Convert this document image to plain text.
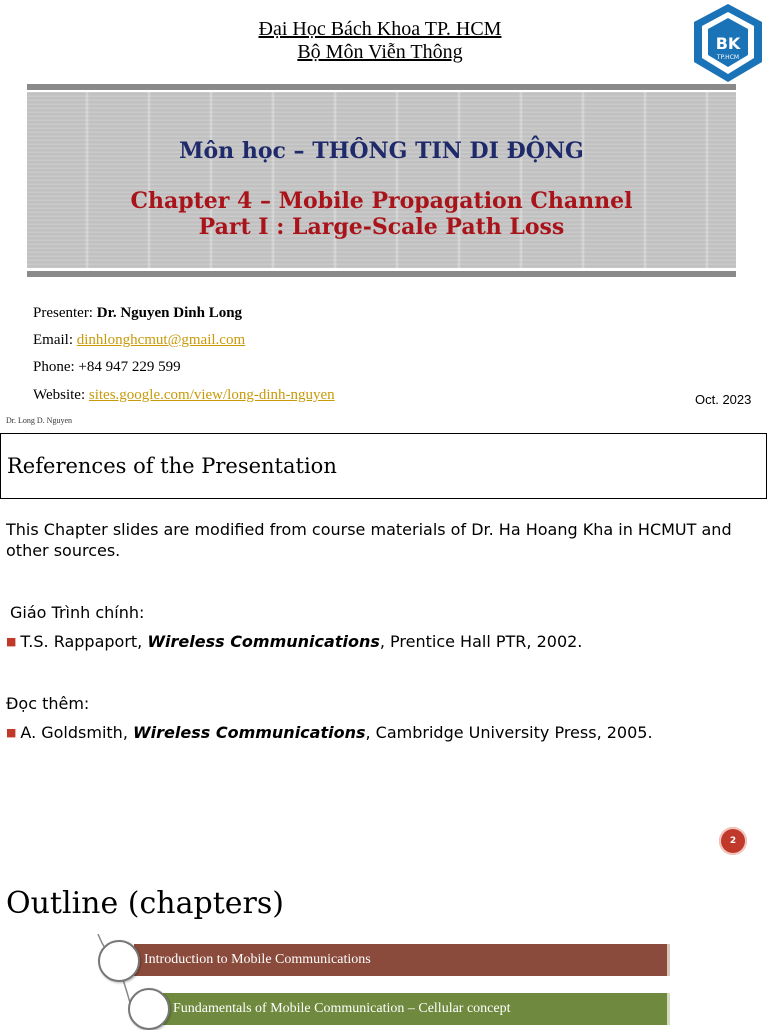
Đại Học Bách Khoa TP. HCM
Bộ Môn Viễn Thông	BK
TP.HCM
Môn học – THÔNG TIN DI ĐỘNG
Chapter 4 – Mobile Propagation Channel
Part I : Large-Scale Path Loss
Presenter: Dr. Nguyen Dinh Long
Email: dinhlonghcmut@gmail.com
Phone: +84 947 229 599
Website: sites.google.com/view/long-dinh-nguyen	Oct. 2023
Dr. Long D. Nguyen
References of the Presentation
This Chapter slides are modified from course materials of Dr. Ha Hoang Kha in HCMUT and other sources.
Giáo Trình chính:
■ T.S. Rappaport, Wireless Communications, Prentice Hall PTR, 2002.
Đọc thêm:
■ A. Goldsmith, Wireless Communications, Cambridge University Press, 2005.
2
Outline (chapters)
Introduction to Mobile Communications
Fundamentals of Mobile Communication – Cellular concept
